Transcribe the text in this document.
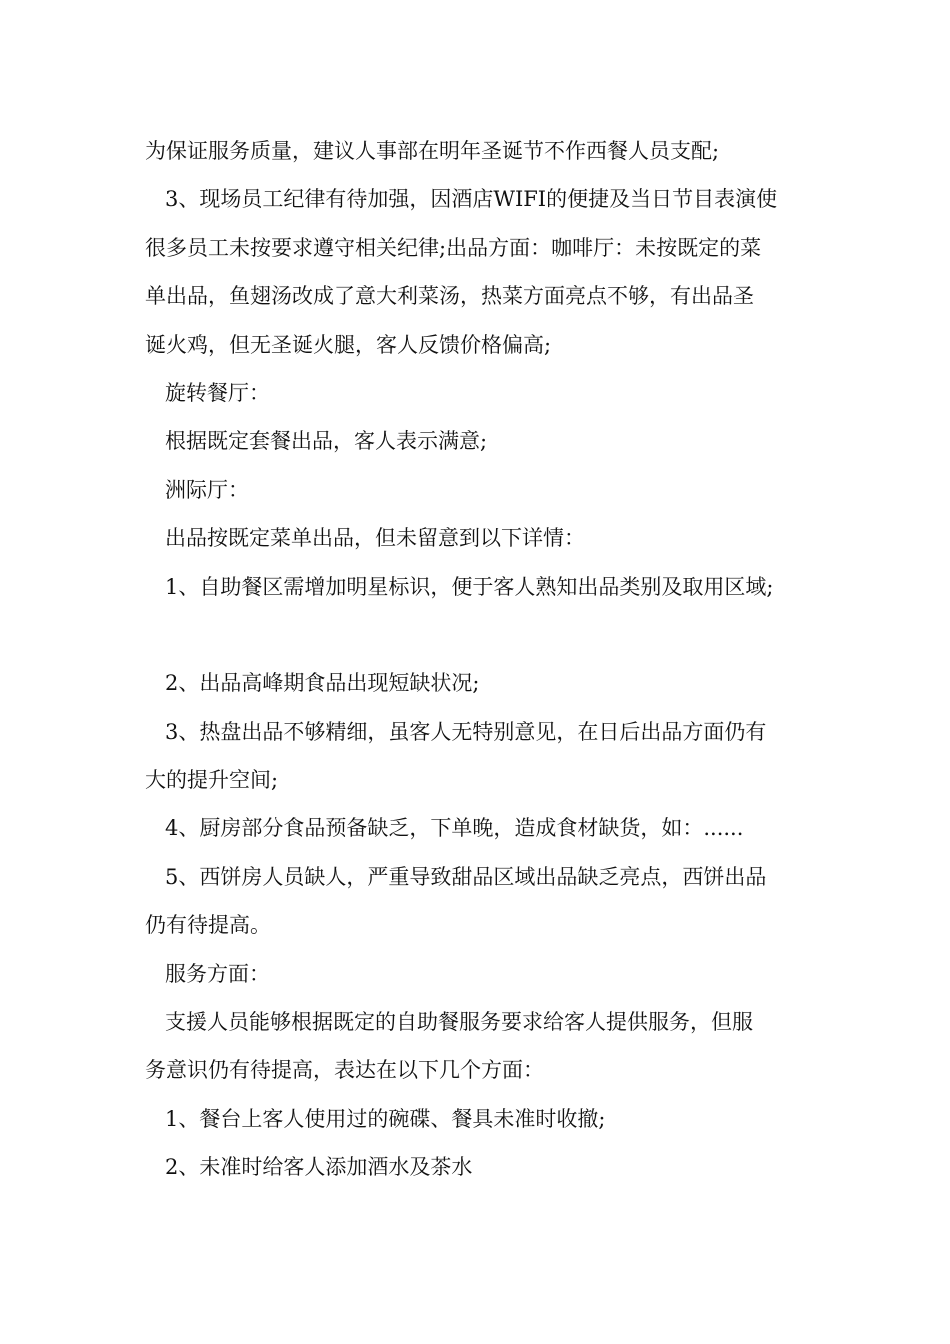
为保证服务质量，建议人事部在明年圣诞节不作西餐人员支配;
3、现场员工纪律有待加强，因酒店WIFI的便捷及当日节目表演使
很多员工未按要求遵守相关纪律;出品方面：咖啡厅：未按既定的菜
单出品，鱼翅汤改成了意大利菜汤，热菜方面亮点不够，有出品圣
诞火鸡，但无圣诞火腿，客人反馈价格偏高;
旋转餐厅：
根据既定套餐出品，客人表示满意;
洲际厅：
出品按既定菜单出品，但未留意到以下详情：
1、自助餐区需增加明星标识，便于客人熟知出品类别及取用区域;
2、出品高峰期食品出现短缺状况;
3、热盘出品不够精细，虽客人无特别意见，在日后出品方面仍有
大的提升空间;
4、厨房部分食品预备缺乏，下单晚，造成食材缺货，如：......
5、西饼房人员缺人，严重导致甜品区域出品缺乏亮点，西饼出品
仍有待提高。
服务方面：
支援人员能够根据既定的自助餐服务要求给客人提供服务，但服
务意识仍有待提高，表达在以下几个方面：
1、餐台上客人使用过的碗碟、餐具未准时收撤;
2、未准时给客人添加酒水及茶水
